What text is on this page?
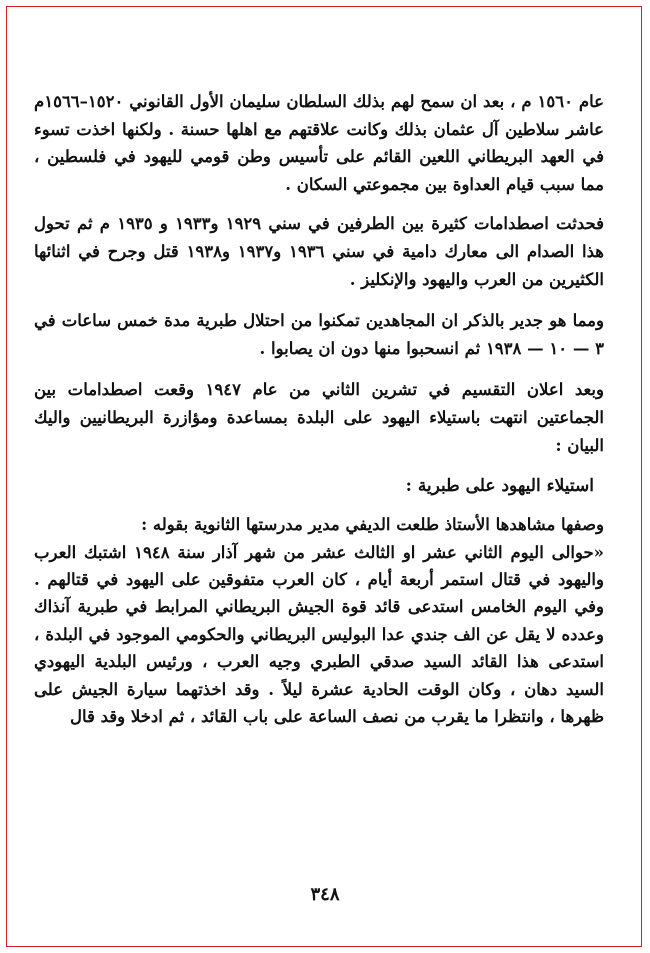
عام ١٥٦٠ م ، بعد ان سمح لهم بذلك السلطان سليمان الأول القانوني ١٥٢٠–١٥٦٦م عاشر سلاطين آل عثمان بذلك وكانت علاقتهم مع اهلها حسنة . ولكنها اخذت تسوء في العهد البريطاني اللعين القائم على تأسيس وطن قومي لليهود في فلسطين ، مما سبب قيام العداوة بين مجموعتي السكان .

فحدثت اصطدامات كثيرة بين الطرفين في سني ١٩٢٩ و١٩٣٣ و ١٩٣٥ م ثم تحول هذا الصدام الى معارك دامية في سني ١٩٣٦ و١٩٣٧ و١٩٣٨ قتل وجرح في اثنائها الكثيرين من العرب واليهود والإنكليز .

ومما هو جدير بالذكر ان المجاهدين تمكنوا من احتلال طبرية مدة خمس ساعات في ٣ — ١٠ — ١٩٣٨ ثم انسحبوا منها دون ان يصابوا .

وبعد اعلان التقسيم في تشرين الثاني من عام ١٩٤٧ وقعت اصطدامات بين الجماعتين انتهت باستيلاء اليهود على البلدة بمساعدة ومؤازرة البريطانيين واليك البيان :

استيلاء اليهود على طبرية :

وصفها مشاهدها الأستاذ طلعت الديفي مدير مدرستها الثانوية بقوله :

«حوالى اليوم الثاني عشر او الثالث عشر من شهر آذار سنة ١٩٤٨ اشتبك العرب واليهود في قتال استمر أربعة أيام ، كان العرب متفوقين على اليهود في قتالهم . وفي اليوم الخامس استدعى قائد قوة الجيش البريطاني المرابط في طبرية آنذاك وعدده لا يقل عن الف جندي عدا البوليس البريطاني والحكومي الموجود في البلدة ، استدعى هذا القائد السيد صدقي الطبري وجيه العرب ، ورئيس البلدية اليهودي السيد دهان ، وكان الوقت الحادية عشرة ليلاً . وقد اخذتهما سيارة الجيش على ظهرها ، وانتظرا ما يقرب من نصف الساعة على باب القائد ، ثم ادخلا وقد قال

٣٤٨
